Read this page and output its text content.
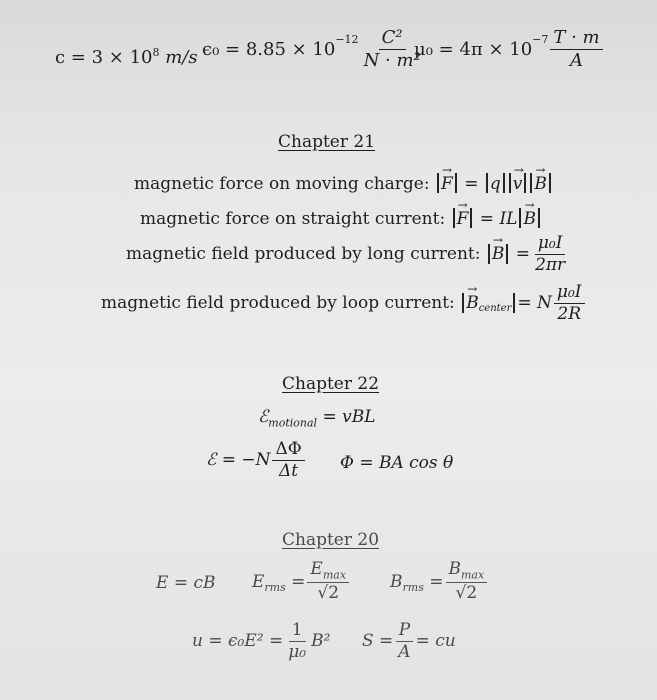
$c = 3 \times 10^8$ m/s $\epsilon_0 = 8.85 \times 10^{-12} \frac{\text{C²}}{\text{N · m²}}$
$\mu_0 = 4\pi \times 10^{-7} \frac{T \cdot m}{A}$
Chapter 21
magnetic force on moving charge: → F = q → v → B
magnetic force on straight current: → F = IL → B
magnetic field produced by long current:
→ $B = \frac{\text{μ₀I}}{2\pi r}$
magnetic field produced by loop current:
→ $B_{center} = N \frac{\text{μ₀I}}{2R}$
Chapter 22
ℰ$_{motional}$ = vBL
ℰ = $-N \frac{\Delta\Phi}{\Delta t}$ Φ = BA cos θ
Chapter 20
E = cB $E_{rms} = \frac{E_{max}}{√2} B_{rms} = \frac{B_{max}}{√2}$
$u = \epsilon_0E^2 = \frac{1}{\text{μ₀}} B^2$ $S = \frac{P}{A}$ = cu
